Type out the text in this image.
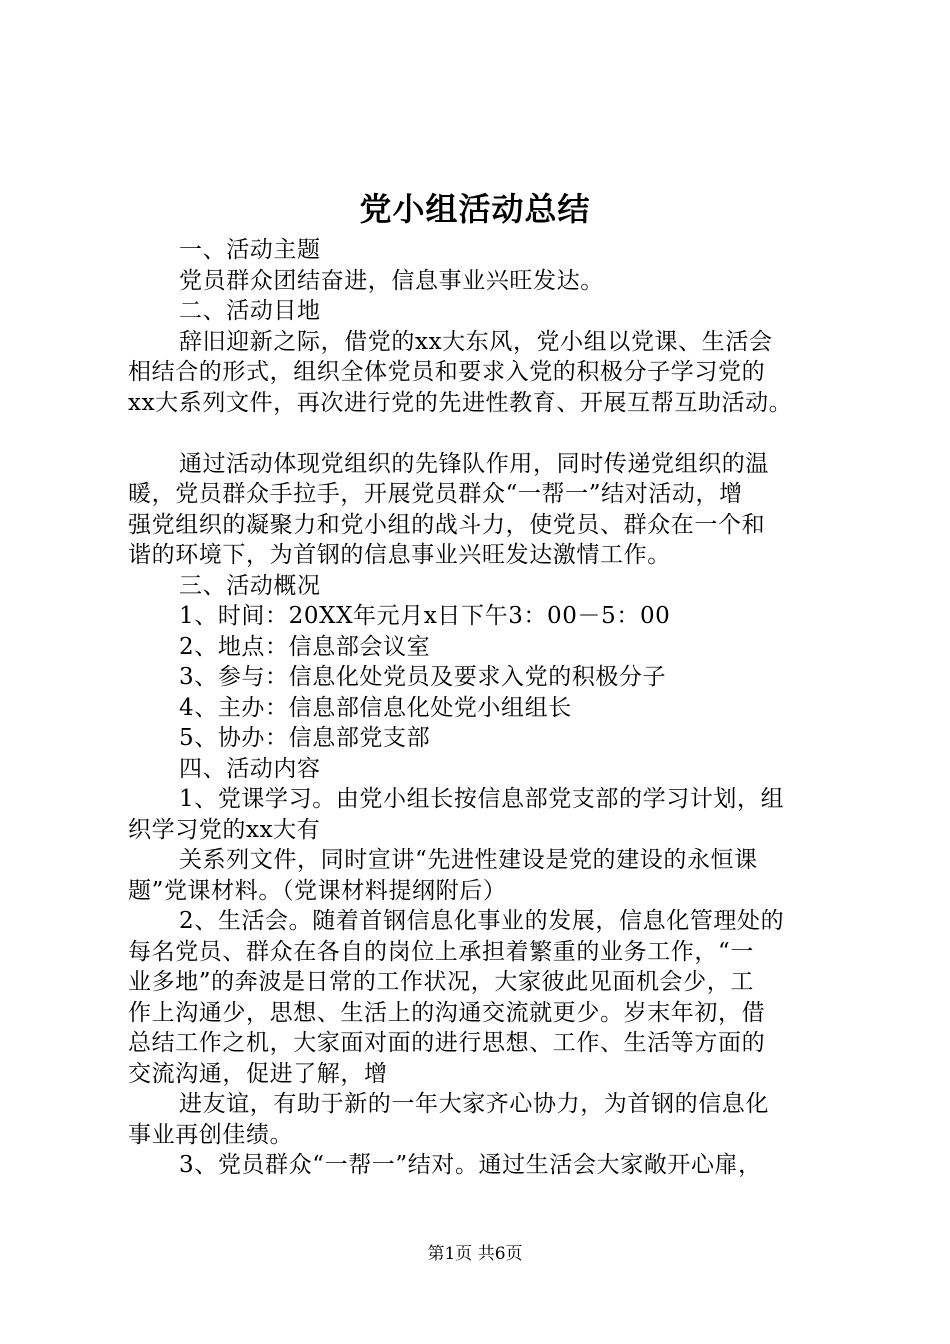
党小组活动总结
一、活动主题
党员群众团结奋进，信息事业兴旺发达。
二、活动目地
辞旧迎新之际，借党的xx大东风，党小组以党课、生活会
相结合的形式，组织全体党员和要求入党的积极分子学习党的
xx大系列文件，再次进行党的先进性教育、开展互帮互助活动。
通过活动体现党组织的先锋队作用，同时传递党组织的温
暖，党员群众手拉手，开展党员群众“一帮一”结对活动，增
强党组织的凝聚力和党小组的战斗力，使党员、群众在一个和
谐的环境下，为首钢的信息事业兴旺发达激情工作。
三、活动概况
1、时间：20XX年元月x日下午3：00－5：00
2、地点：信息部会议室
3、参与：信息化处党员及要求入党的积极分子
4、主办：信息部信息化处党小组组长
5、协办：信息部党支部
四、活动内容
1、党课学习。由党小组长按信息部党支部的学习计划，组
织学习党的xx大有
关系列文件，同时宣讲“先进性建设是党的建设的永恒课
题”党课材料。（党课材料提纲附后）
2、生活会。随着首钢信息化事业的发展，信息化管理处的
每名党员、群众在各自的岗位上承担着繁重的业务工作，“一
业多地”的奔波是日常的工作状况，大家彼此见面机会少，工
作上沟通少，思想、生活上的沟通交流就更少。岁末年初，借
总结工作之机，大家面对面的进行思想、工作、生活等方面的
交流沟通，促进了解，增
进友谊，有助于新的一年大家齐心协力，为首钢的信息化
事业再创佳绩。
3、党员群众“一帮一”结对。通过生活会大家敞开心扉，
第1页 共6页
